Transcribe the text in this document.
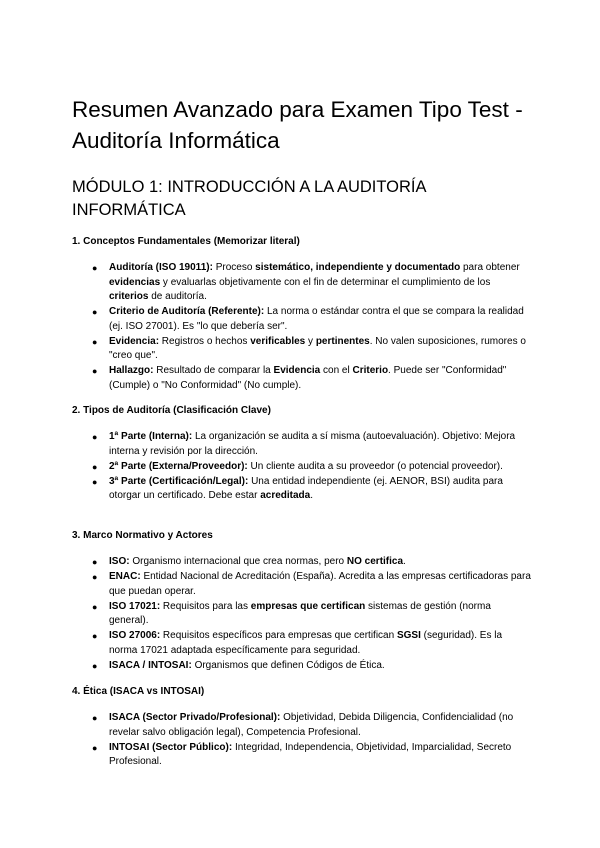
Resumen Avanzado para Examen Tipo Test - Auditoría Informática
MÓDULO 1: INTRODUCCIÓN A LA AUDITORÍA INFORMÁTICA
1. Conceptos Fundamentales (Memorizar literal)
● Auditoría (ISO 19011): Proceso sistemático, independiente y documentado para obtener evidencias y evaluarlas objetivamente con el fin de determinar el cumplimiento de los criterios de auditoría.
● Criterio de Auditoría (Referente): La norma o estándar contra el que se compara la realidad (ej. ISO 27001). Es "lo que debería ser".
● Evidencia: Registros o hechos verificables y pertinentes. No valen suposiciones, rumores o "creo que".
● Hallazgo: Resultado de comparar la Evidencia con el Criterio. Puede ser "Conformidad" (Cumple) o "No Conformidad" (No cumple).
2. Tipos de Auditoría (Clasificación Clave)
● 1ª Parte (Interna): La organización se audita a sí misma (autoevaluación). Objetivo: Mejora interna y revisión por la dirección.
● 2ª Parte (Externa/Proveedor): Un cliente audita a su proveedor (o potencial proveedor).
● 3ª Parte (Certificación/Legal): Una entidad independiente (ej. AENOR, BSI) audita para otorgar un certificado. Debe estar acreditada.
3. Marco Normativo y Actores
● ISO: Organismo internacional que crea normas, pero NO certifica.
● ENAC: Entidad Nacional de Acreditación (España). Acredita a las empresas certificadoras para que puedan operar.
● ISO 17021: Requisitos para las empresas que certifican sistemas de gestión (norma general).
● ISO 27006: Requisitos específicos para empresas que certifican SGSI (seguridad). Es la norma 17021 adaptada específicamente para seguridad.
● ISACA / INTOSAI: Organismos que definen Códigos de Ética.
4. Ética (ISACA vs INTOSAI)
● ISACA (Sector Privado/Profesional): Objetividad, Debida Diligencia, Confidencialidad (no revelar salvo obligación legal), Competencia Profesional.
● INTOSAI (Sector Público): Integridad, Independencia, Objetividad, Imparcialidad, Secreto Profesional.
